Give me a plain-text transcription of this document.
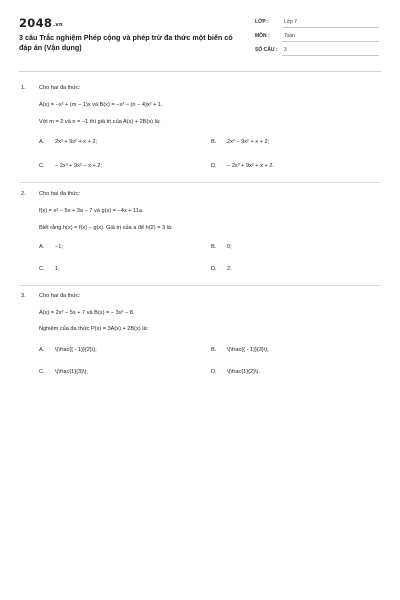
2048.vn
3 câu Trắc nghiệm Phép cộng và phép trừ đa thức một biến có đáp án (Vận dụng)
LỚP :	Lớp 7
MÔN :	Toán
SỐ CÂU : 3
1. Cho hai đa thức:
A(x) = −x² + (m − 1)x và B(x) = −x³ − (n − 4)x² + 1.
Với m = 2 và n = −1 thì giá trị của A(x) + 2B(x) là:
A. 2x³ + 9x² + x + 2;	B. 2x³ − 9x² + x + 2;
C. − 2x³ + 9x² − x + 2;	D. − 2x³ + 9x² + x + 2.
2. Cho hai đa thức:
f(x) = x² − 5x + 3a − 7 và g(x) = −4x + 11a.
Biết rằng h(x) = f(x) − g(x). Giá trị của a để h(2) = 3 là:
A. −1;	B. 0;
C. 1;	D. 2.
3. Cho hai đa thức:
A(x) = 2x³ − 5x + 7 và B(x) = − 3x³ − 8.
Nghiệm của đa thức P(x) = 3A(x) + 2B(x) là:
A. \(\frac{{ - 1}}{2}\);	B. \(\frac{{ - 1}}{3}\);
C. \(\frac{1}{3}\);	D. \(\frac{1}{2}\).
